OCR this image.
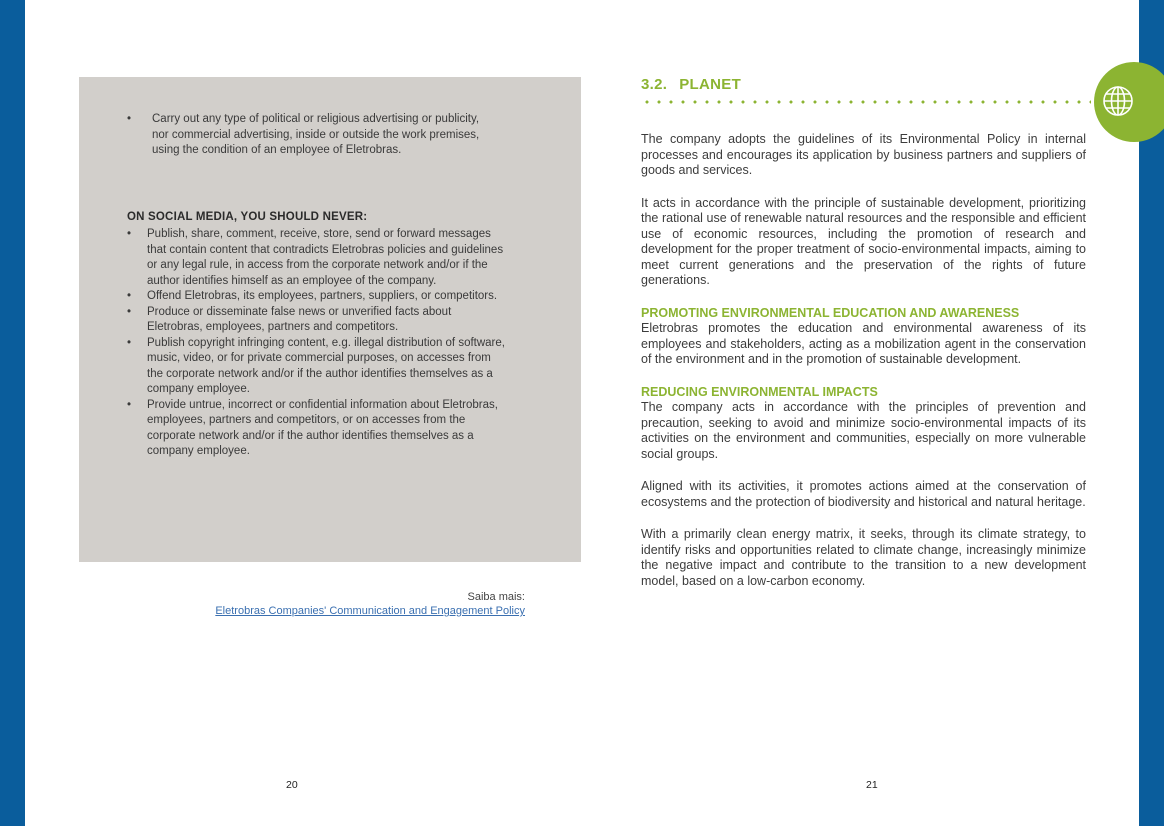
• Carry out any type of political or religious advertising or publicity, nor commercial advertising, inside or outside the work premises, using the condition of an employee of Eletrobras.
ON SOCIAL MEDIA, YOU SHOULD NEVER:
• Publish, share, comment, receive, store, send or forward messages that contain content that contradicts Eletrobras policies and guidelines or any legal rule, in access from the corporate network and/or if the author identifies himself as an employee of the company.
• Offend Eletrobras, its employees, partners, suppliers, or competitors.
• Produce or disseminate false news or unverified facts about Eletrobras, employees, partners and competitors.
• Publish copyright infringing content, e.g. illegal distribution of software, music, video, or for private commercial purposes, on accesses from the corporate network and/or if the author identifies themselves as a company employee.
• Provide untrue, incorrect or confidential information about Eletrobras, employees, partners and competitors, or on accesses from the corporate network and/or if the author identifies themselves as a company employee.
Saiba mais:
Eletrobras Companies' Communication and Engagement Policy
20
3.2. PLANET

The company adopts the guidelines of its Environmental Policy in internal processes and encourages its application by business partners and suppliers of goods and services.

It acts in accordance with the principle of sustainable development, prioritizing the rational use of renewable natural resources and the responsible and efficient use of economic resources, including the promotion of research and development for the proper treatment of socio-environmental impacts, aiming to meet current generations and the preservation of the rights of future generations.

PROMOTING ENVIRONMENTAL EDUCATION AND AWARENESS

Eletrobras promotes the education and environmental awareness of its employees and stakeholders, acting as a mobilization agent in the conservation of the environment and in the promotion of sustainable development.

REDUCING ENVIRONMENTAL IMPACTS

The company acts in accordance with the principles of prevention and precaution, seeking to avoid and minimize socio-environmental impacts of its activities on the environment and communities, especially on more vulnerable social groups.

Aligned with its activities, it promotes actions aimed at the conservation of ecosystems and the protection of biodiversity and historical and natural heritage.

With a primarily clean energy matrix, it seeks, through its climate strategy, to identify risks and opportunities related to climate change, increasingly minimize the negative impact and contribute to the transition to a new development model, based on a low-carbon economy.

21
